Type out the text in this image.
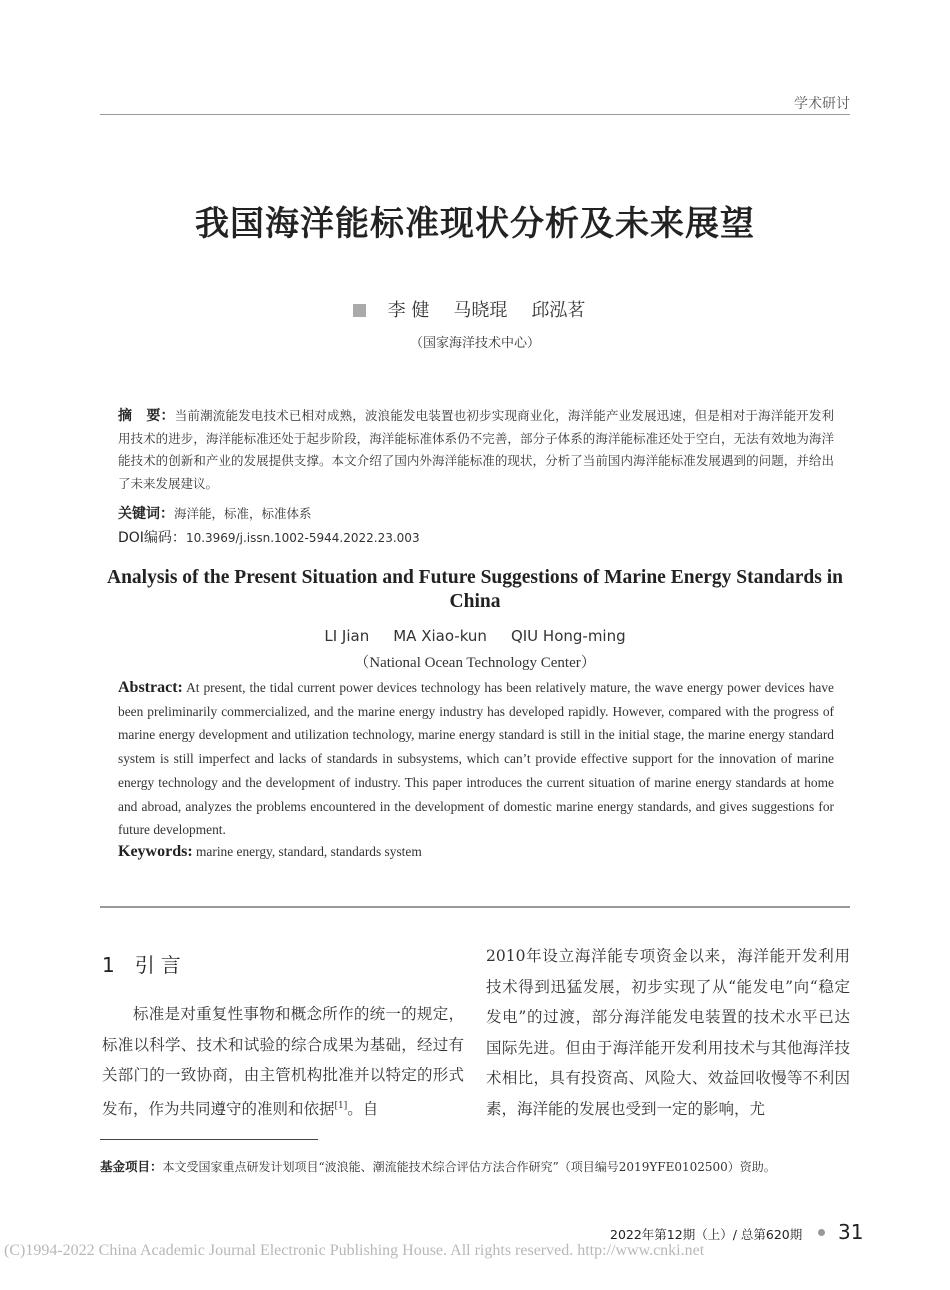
学术研讨
我国海洋能标准现状分析及未来展望
李 健 马晓琨 邱泓茗
（国家海洋技术中心）
摘　要：当前潮流能发电技术已相对成熟，波浪能发电装置也初步实现商业化，海洋能产业发展迅速，但是相对于海洋能开发利用技术的进步，海洋能标准还处于起步阶段，海洋能标准体系仍不完善，部分子体系的海洋能标准还处于空白，无法有效地为海洋能技术的创新和产业的发展提供支撑。本文介绍了国内外海洋能标准的现状，分析了当前国内海洋能标准发展遇到的问题，并给出了未来发展建议。
关键词：海洋能，标准，标准体系
DOI编码：10.3969/j.issn.1002-5944.2022.23.003
Analysis of the Present Situation and Future Suggestions of Marine Energy Standards in China
LI Jian MA Xiao-kun QIU Hong-ming
（National Ocean Technology Center）
Abstract: At present, the tidal current power devices technology has been relatively mature, the wave energy power devices have been preliminarily commercialized, and the marine energy industry has developed rapidly. However, compared with the progress of marine energy development and utilization technology, marine energy standard is still in the initial stage, the marine energy standard system is still imperfect and lacks of standards in subsystems, which can’t provide effective support for the innovation of marine energy technology and the development of industry. This paper introduces the current situation of marine energy standards at home and abroad, analyzes the problems encountered in the development of domestic marine energy standards, and gives suggestions for future development.
Keywords: marine energy, standard, standards system
1 引言

标准是对重复性事物和概念所作的统一的规定，标准以科学、技术和试验的综合成果为基础，经过有关部门的一致协商，由主管机构批准并以特定的形式发布，作为共同遵守的准则和依据[1]。自

2010年设立海洋能专项资金以来，海洋能开发利用技术得到迅猛发展，初步实现了从“能发电”向“稳定发电”的过渡，部分海洋能发电装置的技术水平已达国际先进。但由于海洋能开发利用技术与其他海洋技术相比，具有投资高、风险大、效益回收慢等不利因素，海洋能的发展也受到一定的影响，尤

基金项目：本文受国家重点研发计划项目“波浪能、潮流能技术综合评估方法合作研究”（项目编号2019YFE0102500）资助。
2022年第12期（上）/ 总第620期 31
(C)1994-2022 China Academic Journal Electronic Publishing House. All rights reserved. http://www.cnki.net
